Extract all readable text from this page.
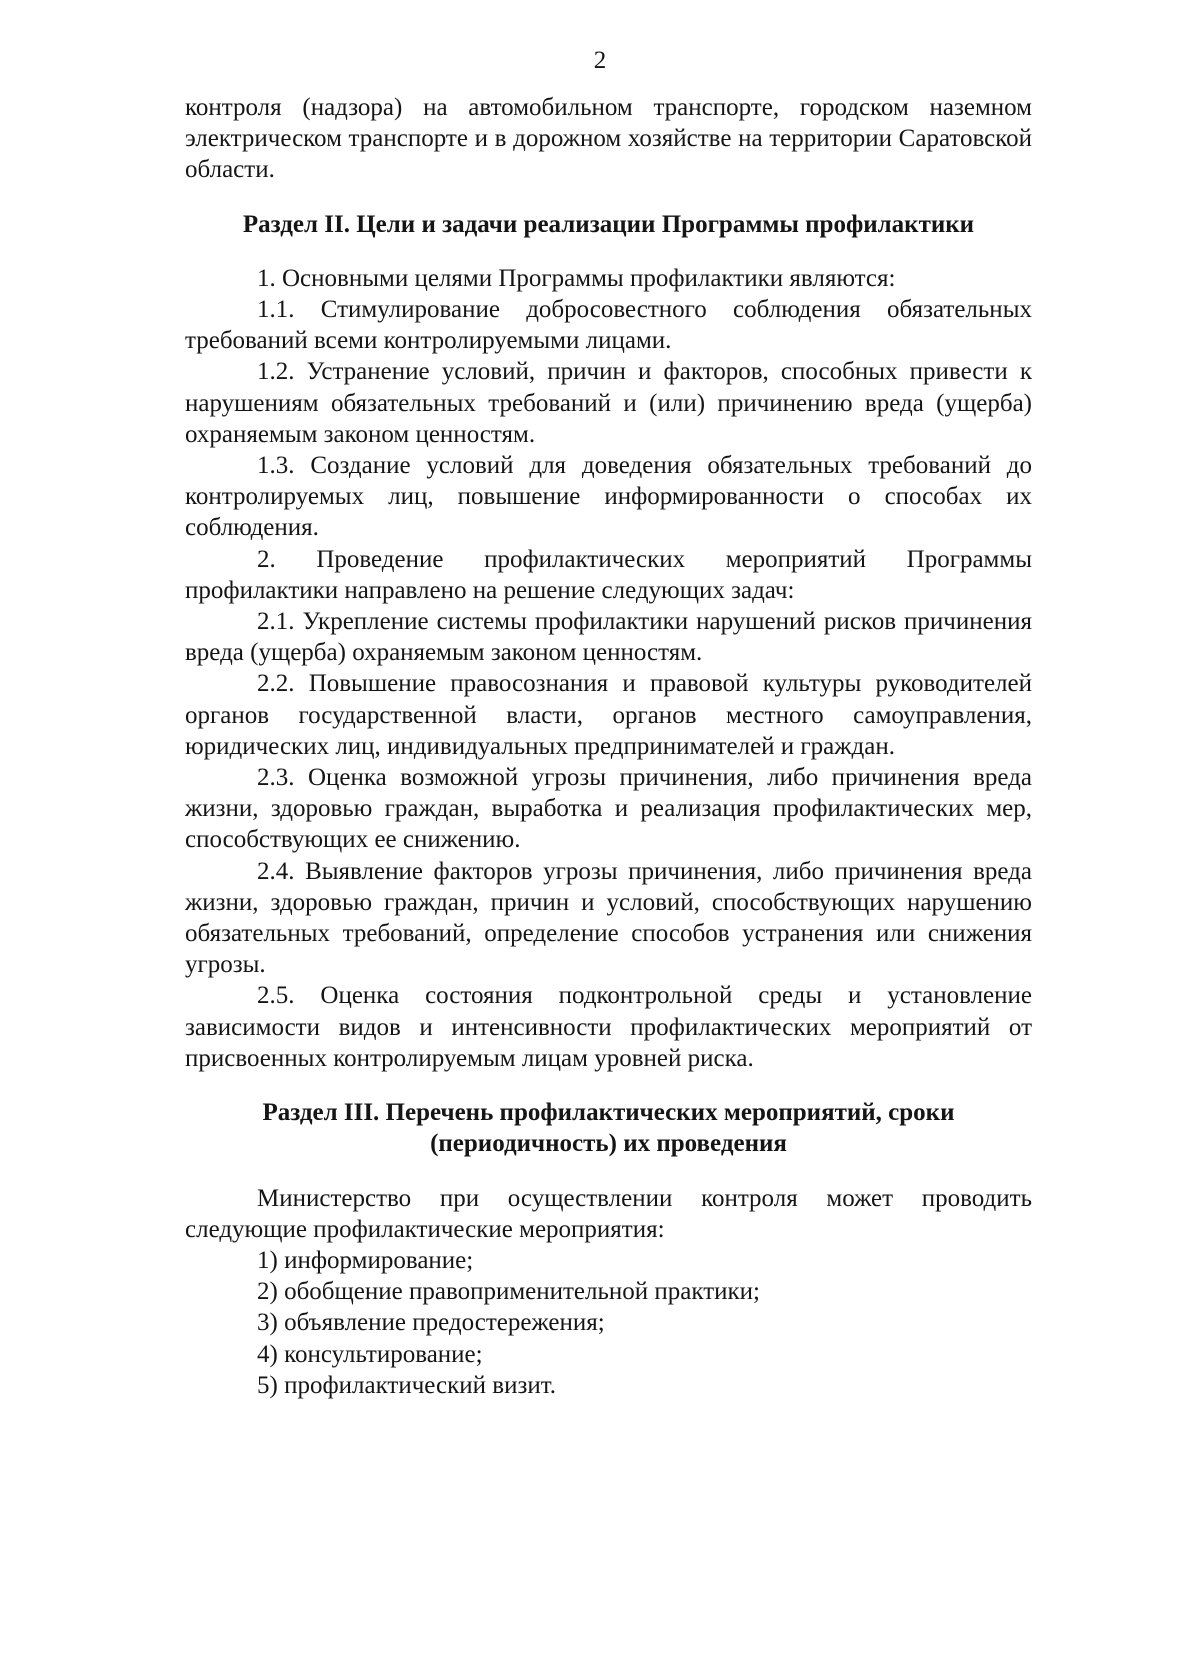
2

контроля (надзора) на автомобильном транспорте, городском наземном электрическом транспорте и в дорожном хозяйстве на территории Саратовской области.

Раздел II. Цели и задачи реализации Программы профилактики

1. Основными целями Программы профилактики являются:

1.1. Стимулирование добросовестного соблюдения обязательных требований всеми контролируемыми лицами.

1.2. Устранение условий, причин и факторов, способных привести к нарушениям обязательных требований и (или) причинению вреда (ущерба) охраняемым законом ценностям.

1.3. Создание условий для доведения обязательных требований до контролируемых лиц, повышение информированности о способах их соблюдения.

2. Проведение профилактических мероприятий Программы профилактики направлено на решение следующих задач:

2.1. Укрепление системы профилактики нарушений рисков причинения вреда (ущерба) охраняемым законом ценностям.

2.2. Повышение правосознания и правовой культуры руководителей органов государственной власти, органов местного самоуправления, юридических лиц, индивидуальных предпринимателей и граждан.

2.3. Оценка возможной угрозы причинения, либо причинения вреда жизни, здоровью граждан, выработка и реализация профилактических мер, способствующих ее снижению.

2.4. Выявление факторов угрозы причинения, либо причинения вреда жизни, здоровью граждан, причин и условий, способствующих нарушению обязательных требований, определение способов устранения или снижения угрозы.

2.5. Оценка состояния подконтрольной среды и установление зависимости видов и интенсивности профилактических мероприятий от присвоенных контролируемым лицам уровней риска.

Раздел III. Перечень профилактических мероприятий, сроки

(периодичность) их проведения

Министерство при осуществлении контроля может проводить следующие профилактические мероприятия:

1) информирование;

2) обобщение правоприменительной практики;

3) объявление предостережения;

4) консультирование;

5) профилактический визит.
